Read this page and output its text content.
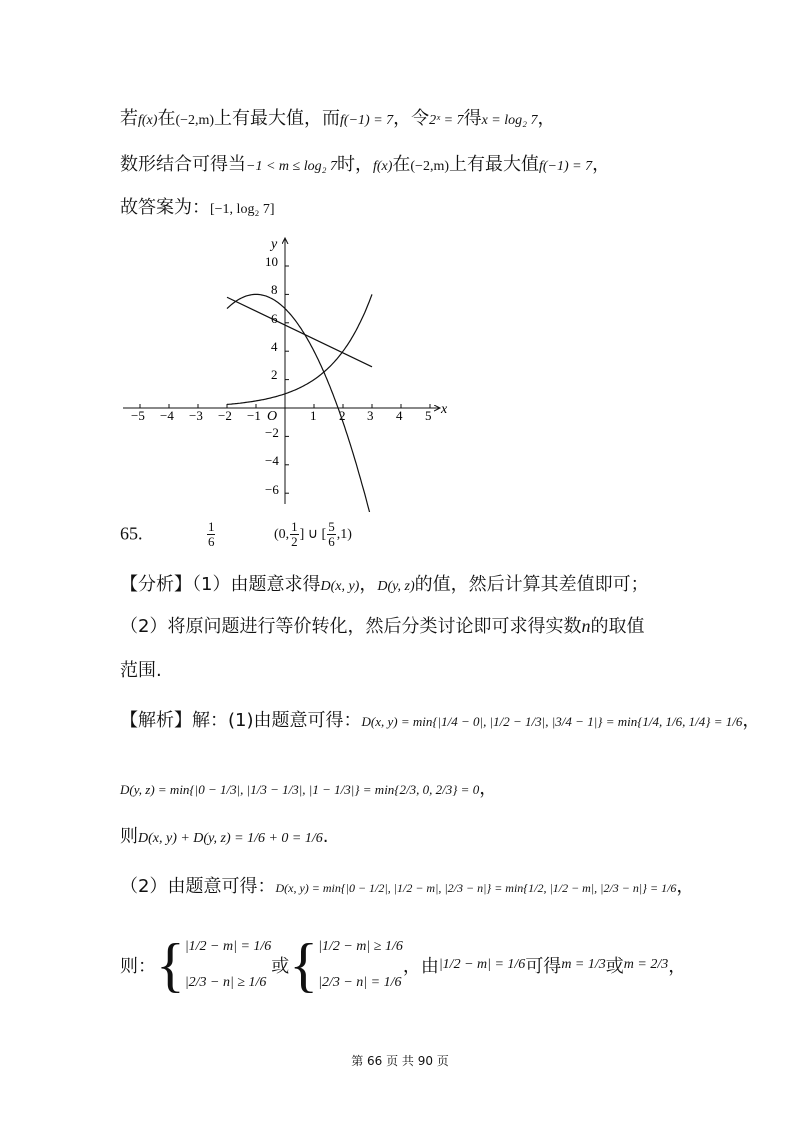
若f(x)在(−2,m)上有最大值，而f(−1) = 7，令2ˣ = 7得x = log₂ 7，
数形结合可得当−1 < m ≤ log₂ 7时，f(x)在(−2,m)上有最大值f(−1) = 7，
故答案为：[−1, log₂ 7]
x
y
O
−5 −4 −3 −2 −1	1 2 3 4 5
10
8
6
4
2
−2
−4
−6
65.	$\frac{1}{6}$	(0, $\frac{1}{2}$ ] ∪ [ $\frac{5}{6} ,1$)
【分析】（1）由题意求得D(x, y)，D(y, z)的值，然后计算其差值即可；
（2）将原问题进行等价转化，然后分类讨论即可求得实数n的取值
范围.
【解析】解：(1)由题意可得：D(x, y) = min{|1/4 − 0|, |1/2 − 1/3|, |3/4 − 1|} = min{1/4, 1/6, 1/4} = 1/6，
D(y, z) = min{|0 − 1/3|, |1/3 − 1/3|, |1 − 1/3|} = min{2/3, 0, 2/3} = 0，
则D(x, y) + D(y, z) = 1/6 + 0 = 1/6.
（2）由题意可得：D(x, y) = min{|0 − 1/2|, |1/2 − m|, |2/3 − n|} = min{1/2, |1/2 − m|, |2/3 − n|} = 1/6，
则： { |1/2 − m| = 1/6
|2/3 − n| ≥ 1/6
或 { |1/2 − m| ≥ 1/6
|2/3 − n| = 1/6
，由 |1/2 − m| = 1/6 可得 m = 1/3 或 m = 2/3 ，
第 66 页 共 90 页
